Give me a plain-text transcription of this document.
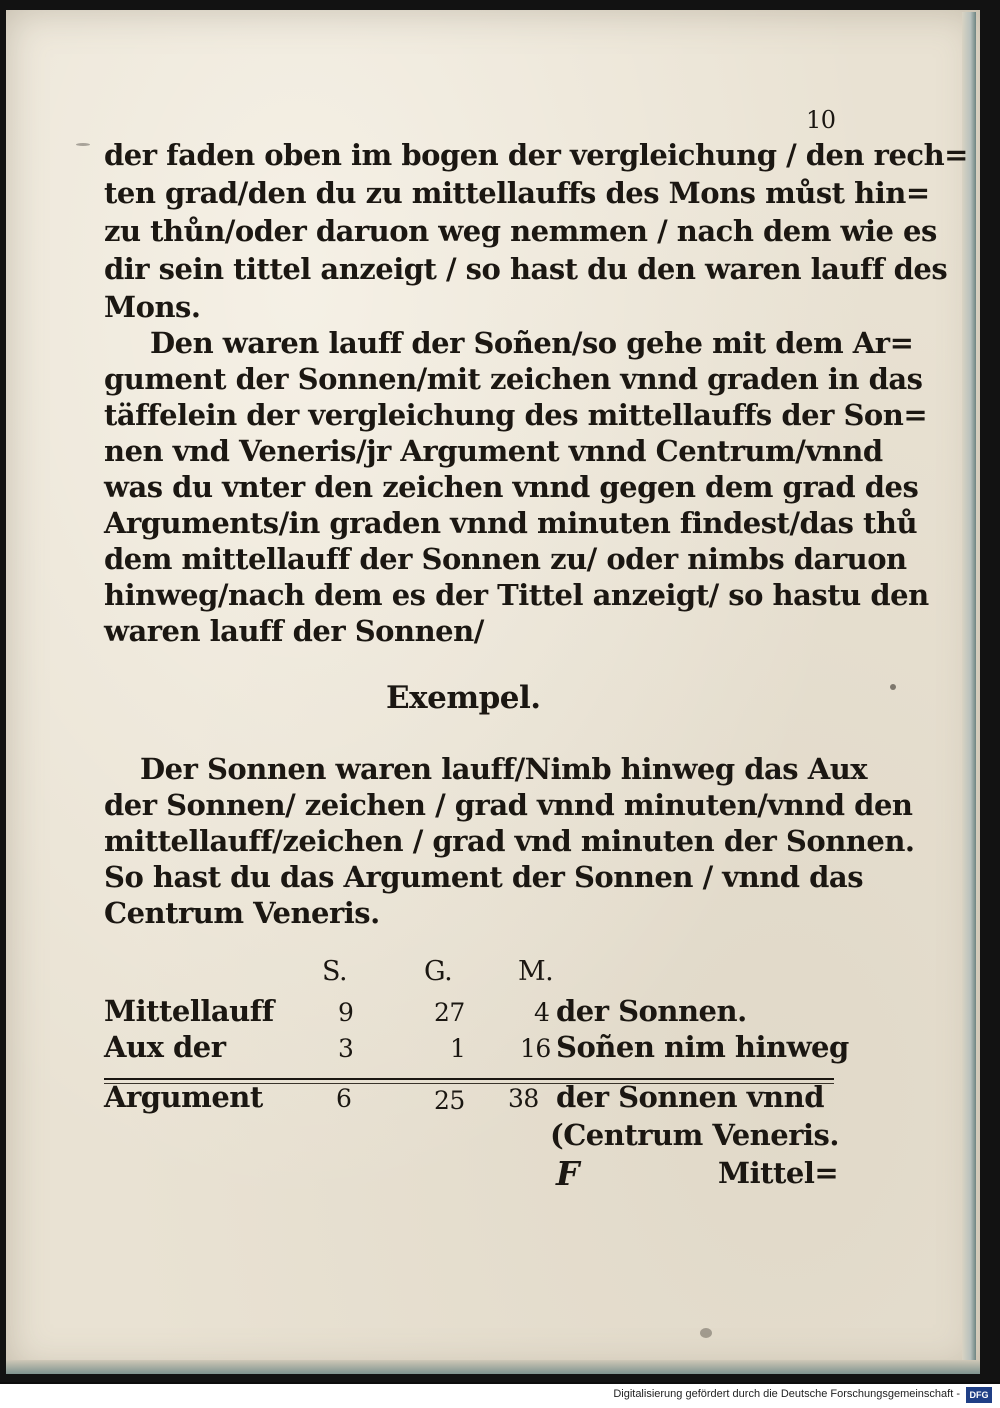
10
der faden oben im bogen der vergleichung / den rech=
ten grad/den du zu mittellauffs des Mons můst hin=
zu thůn/oder daruon weg nemmen / nach dem wie es
dir sein tittel anzeigt / so hast du den waren lauff des
Mons.
Den waren lauff der Soñen/so gehe mit dem Ar=
gument der Sonnen/mit zeichen vnnd graden in das
täffelein der vergleichung des mittellauffs der Son=
nen vnd Veneris/jr Argument vnnd Centrum/vnnd
was du vnter den zeichen vnnd gegen dem grad des
Arguments/in graden vnnd minuten findest/das thů
dem mittellauff der Sonnen zu/ oder nimbs daruon
hinweg/nach dem es der Tittel anzeigt/ so hastu den
waren lauff der Sonnen/
Exempel.
Der Sonnen waren lauff/Nimb hinweg das Aux
der Sonnen/ zeichen / grad vnnd minuten/vnnd den
mittellauff/zeichen / grad vnd minuten der Sonnen.
So hast du das Argument der Sonnen / vnnd das
Centrum Veneris.
S.	G. M.
Mittellauff	9	27	4 der Sonnen.
Aux der	3	1 16 Soñen nim hinweg
Argument	6	25 38 der Sonnen vnnd
(Centrum Veneris.
F	Mittel=
Digitalisierung gefördert durch die Deutsche Forschungsgemeinschaft -	DFG
